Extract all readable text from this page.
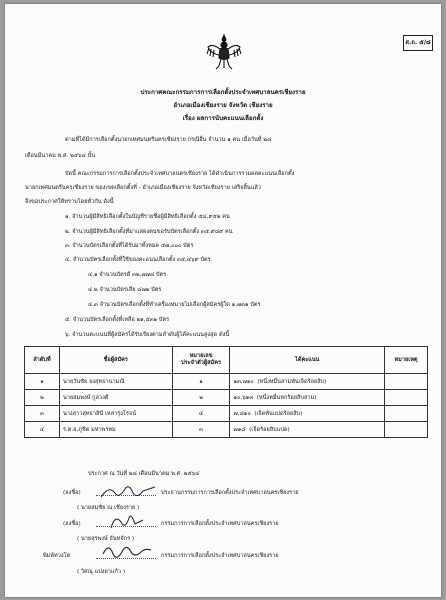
ส.ถ. ๕/๘
ประกาศคณะกรรมการการเลือกตั้งประจำเทศบาลนครเชียงราย
อำเภอเมืองเชียงราย จังหวัด เชียงราย
เรื่อง ผลการนับคะแนนเลือกตั้ง
ตามที่ได้มีการเลือกตั้งนายกเทศมนตรีนครเชียงราย กรณีอื่น จำนวน ๑ คน เมื่อวันที่ ๒๘
เดือนมีนาคม พ.ศ. ๒๕๖๔ นั้น
บัดนี้ คณะกรรมการการเลือกตั้งประจำเทศบาลนครเชียงราย ได้ดำเนินการรวมผลคะแนนเลือกตั้ง
นายกเทศมนตรีนครเชียงราย ของเขตเลือกตั้งที่ - อำเภอเมืองเชียงราย จังหวัดเชียงราย เสร็จสิ้นแล้ว
จึงขอประกาศให้ทราบโดยทั่วกัน ดังนี้
๑. จำนวนผู้มีสิทธิเลือกตั้งในบัญชีรายชื่อผู้มีสิทธิเลือกตั้ง ๕๔,๙๕๒ คน
๒. จำนวนผู้มีสิทธิเลือกตั้งที่มาแสดงตนขอรับบัตรเลือกตั้ง ๓๕,๙๘๙ คน
๓. จำนวนบัตรเลือกตั้งที่ได้รับมาทั้งหมด ๕๗,๐๐๐ บัตร
๔. จำนวนบัตรเลือกตั้งที่ใช้ของคะแนนเลือกตั้ง ๓๕,๔๖๙ บัตร
๔.๑ จำนวนบัตรดี ๓๒,๗๗๘ บัตร
๔.๒ จำนวนบัตรเสีย ๘๗๑ บัตร
๔.๓ จำนวนบัตรเลือกตั้งที่ทำเครื่องหมายไม่เลือกผู้สมัครผู้ใด ๑,๗๓๑ บัตร
๕. จำนวนบัตรเลือกตั้งที่เหลือ ๒๑,๕๓๑ บัตร
๖. จำนวนคะแนนที่ผู้สมัครได้รับเรียงตามลำดับผู้ได้คะแนนสูงสุด ดังนี้
ลำดับที่	ชื่อผู้สมัคร	หมายเลข
ประจำตัวผู้สมัคร	ได้คะแนน	หมายเหตุ
๑	นายวันชัย จงสุทธานามณี	๑	๑๓,๗๑๐ (หนึ่งหมื่นสามพันเจ็ดร้อยสิบ)	
๒	นายสมพงษ์ กูลวงศ์	๒	๑๐,๖๑๓ (หนึ่งหมื่นหกร้อยสิบสาม)	
๓	นางสาวสุทธาสินี เหล่ารุ่งโรจน์	๔	๗,๘๑๐ (เจ็ดพันแปดร้อยสิบ)	
๔	ร.ต.อ.ภูชิต มหาพรหม	๓	๗๑๘ (เจ็ดร้อยสิบแปด)	
ประกาศ ณ วันที่ ๒๘ เดือนมีนาคม พ.ศ. ๒๕๖๔
(ลงชื่อ)	ประธานกรรมการการเลือกตั้งประจำเทศบาลนครเชียงราย
( นายสมชัย ณ เชียงราย )
(ลงชื่อ)	กรรมการการเลือกตั้งประจำเทศบาลนครเชียงราย
( นายสุรพงษ์ ธันทจักร )
พิมพ์ทวงโต	กรรมการการเลือกตั้งประจำเทศบาลนครเชียงราย
( วิศณุ แปงยาแก้ว )
